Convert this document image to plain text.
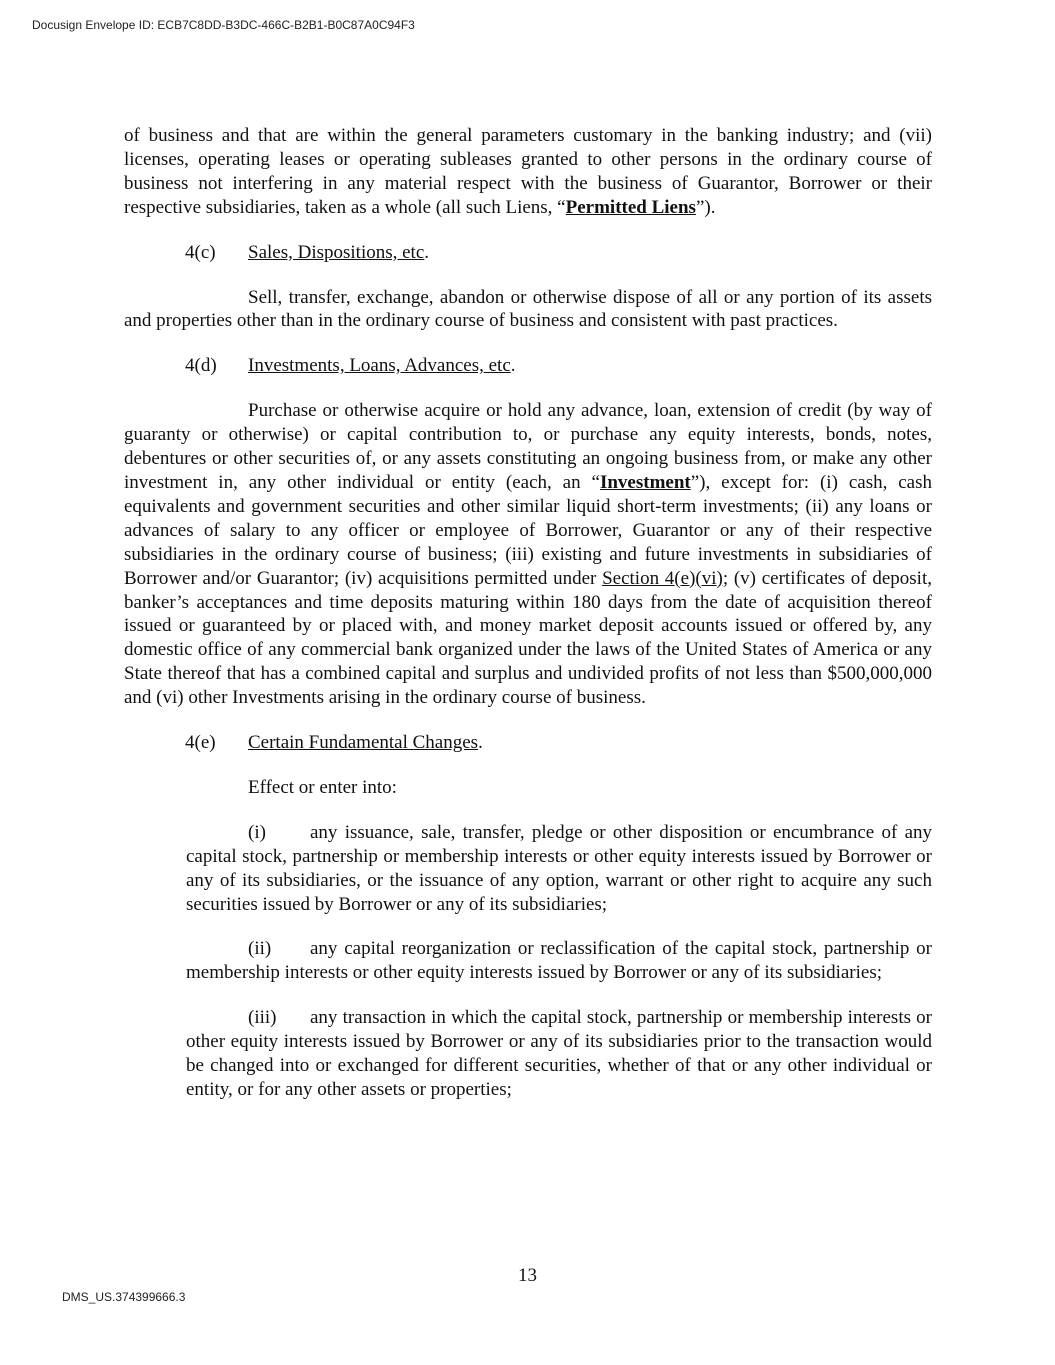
Docusign Envelope ID: ECB7C8DD-B3DC-466C-B2B1-B0C87A0C94F3

of business and that are within the general parameters customary in the banking industry; and (vii) licenses, operating leases or operating subleases granted to other persons in the ordinary course of business not interfering in any material respect with the business of Guarantor, Borrower or their respective subsidiaries, taken as a whole (all such Liens, “Permitted Liens”).

4(c)	Sales, Dispositions, etc.

Sell, transfer, exchange, abandon or otherwise dispose of all or any portion of its assets and properties other than in the ordinary course of business and consistent with past practices.

4(d)	Investments, Loans, Advances, etc.

Purchase or otherwise acquire or hold any advance, loan, extension of credit (by way of guaranty or otherwise) or capital contribution to, or purchase any equity interests, bonds, notes, debentures or other securities of, or any assets constituting an ongoing business from, or make any other investment in, any other individual or entity (each, an “Investment”), except for: (i) cash, cash equivalents and government securities and other similar liquid short-term investments; (ii) any loans or advances of salary to any officer or employee of Borrower, Guarantor or any of their respective subsidiaries in the ordinary course of business; (iii) existing and future investments in subsidiaries of Borrower and/or Guarantor; (iv) acquisitions permitted under Section 4(e)(vi); (v) certificates of deposit, banker’s acceptances and time deposits maturing within 180 days from the date of acquisition thereof issued or guaranteed by or placed with, and money market deposit accounts issued or offered by, any domestic office of any commercial bank organized under the laws of the United States of America or any State thereof that has a combined capital and surplus and undivided profits of not less than $500,000,000 and (vi) other Investments arising in the ordinary course of business.

4(e)	Certain Fundamental Changes.

Effect or enter into:

(i) any issuance, sale, transfer, pledge or other disposition or encumbrance of any capital stock, partnership or membership interests or other equity interests issued by Borrower or any of its subsidiaries, or the issuance of any option, warrant or other right to acquire any such securities issued by Borrower or any of its subsidiaries;

(ii) any capital reorganization or reclassification of the capital stock, partnership or membership interests or other equity interests issued by Borrower or any of its subsidiaries;

(iii) any transaction in which the capital stock, partnership or membership interests or other equity interests issued by Borrower or any of its subsidiaries prior to the transaction would be changed into or exchanged for different securities, whether of that or any other individual or entity, or for any other assets or properties;

13
DMS_US.374399666.3
